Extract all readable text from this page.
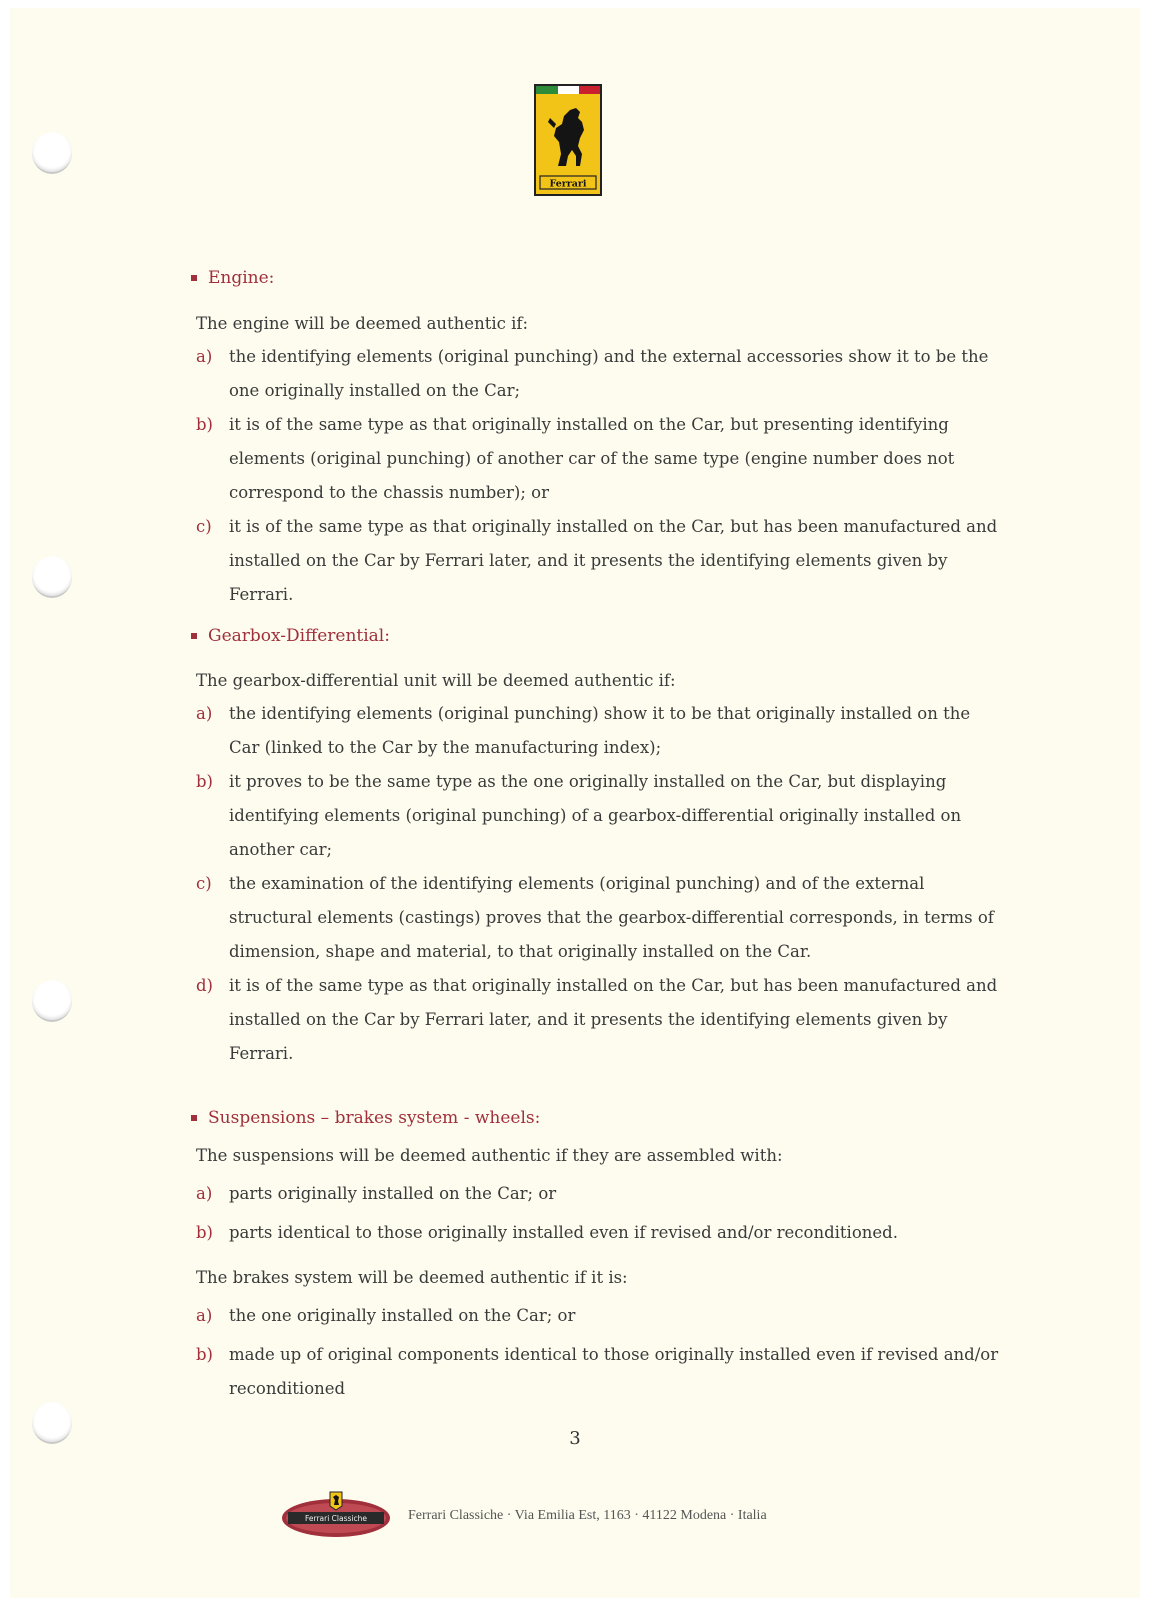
Ferrari
Engine:

The engine will be deemed authentic if:

a) the identifying elements (original punching) and the external accessories show it to be the one originally installed on the Car;
b) it is of the same type as that originally installed on the Car, but presenting identifying elements (original punching) of another car of the same type (engine number does not correspond to the chassis number); or
c) it is of the same type as that originally installed on the Car, but has been manufactured and installed on the Car by Ferrari later, and it presents the identifying elements given by Ferrari.
Gearbox-Differential:

The gearbox-differential unit will be deemed authentic if:

a) the identifying elements (original punching) show it to be that originally installed on the Car (linked to the Car by the manufacturing index);
b) it proves to be the same type as the one originally installed on the Car, but displaying identifying elements (original punching) of a gearbox-differential originally installed on another car;
c) the examination of the identifying elements (original punching) and of the external structural elements (castings) proves that the gearbox-differential corresponds, in terms of dimension, shape and material, to that originally installed on the Car.
d) it is of the same type as that originally installed on the Car, but has been manufactured and installed on the Car by Ferrari later, and it presents the identifying elements given by Ferrari.
Suspensions – brakes system - wheels:

The suspensions will be deemed authentic if they are assembled with:

a) parts originally installed on the Car; or
b) parts identical to those originally installed even if revised and/or reconditioned.

The brakes system will be deemed authentic if it is:

a) the one originally installed on the Car; or
b) made up of original components identical to those originally installed even if revised and/or reconditioned
3
Ferrari Classiche	Ferrari Classiche · Via Emilia Est, 1163 · 41122 Modena · Italia
